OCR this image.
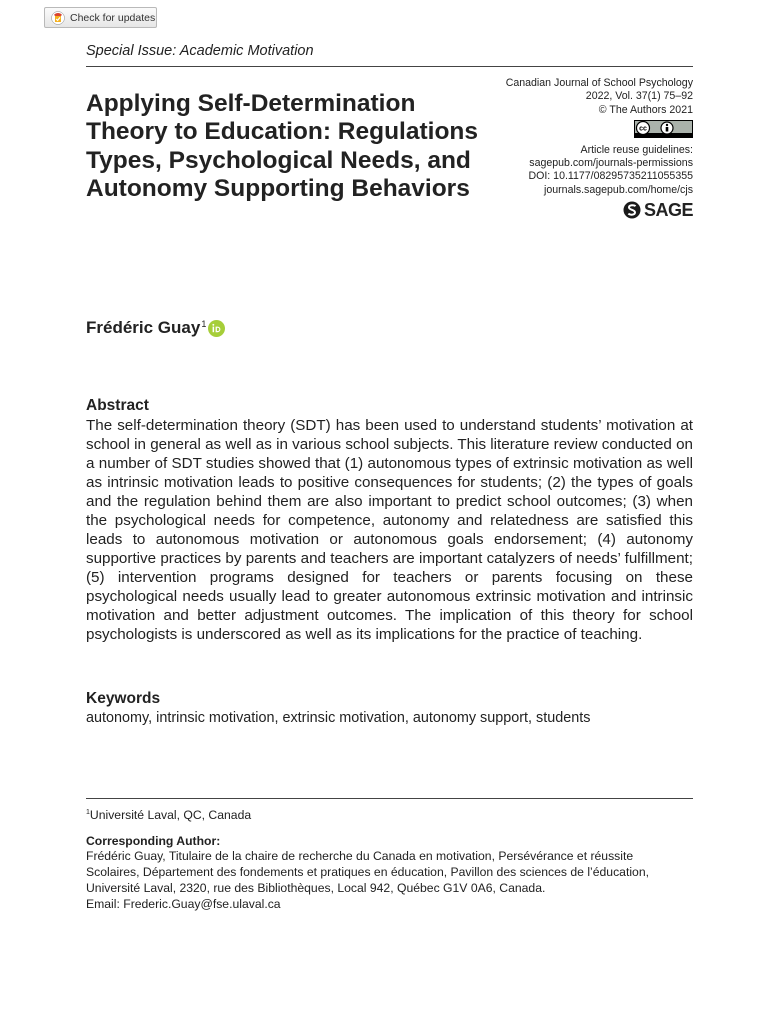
Check for updates
Special Issue: Academic Motivation
Applying Self-Determination Theory to Education: Regulations Types, Psychological Needs, and Autonomy Supporting Behaviors
Canadian Journal of School Psychology
2022, Vol. 37(1) 75–92
© The Authors 2021
cc
Article reuse guidelines:
sagepub.com/journals-permissions
DOI: 10.1177/08295735211055355
journals.sagepub.com/home/cjs
SAGE
Frédéric Guay$^1$
Abstract

The self-determination theory (SDT) has been used to understand students’ motivation at school in general as well as in various school subjects. This literature review conducted on a number of SDT studies showed that (1) autonomous types of extrinsic motivation as well as intrinsic motivation leads to positive consequences for students; (2) the types of goals and the regulation behind them are also important to predict school outcomes; (3) when the psychological needs for competence, autonomy and relatedness are satisfied this leads to autonomous motivation or autonomous goals endorsement; (4) autonomy supportive practices by parents and teachers are important catalyzers of needs’ fulfillment; (5) intervention programs designed for teachers or parents focusing on these psychological needs usually lead to greater autonomous extrinsic motivation and intrinsic motivation and better adjustment outcomes. The implication of this theory for school psychologists is underscored as well as its implications for the practice of teaching.

Keywords
autonomy, intrinsic motivation, extrinsic motivation, autonomy support, students
$^1$Université Laval, QC, Canada
Corresponding Author:
Frédéric Guay, Titulaire de la chaire de recherche du Canada en motivation, Persévérance et réussite
Scolaires, Département des fondements et pratiques en éducation, Pavillon des sciences de l’éducation,
Université Laval, 2320, rue des Bibliothèques, Local 942, Québec G1V 0A6, Canada.
Email: Frederic.Guay@fse.ulaval.ca
